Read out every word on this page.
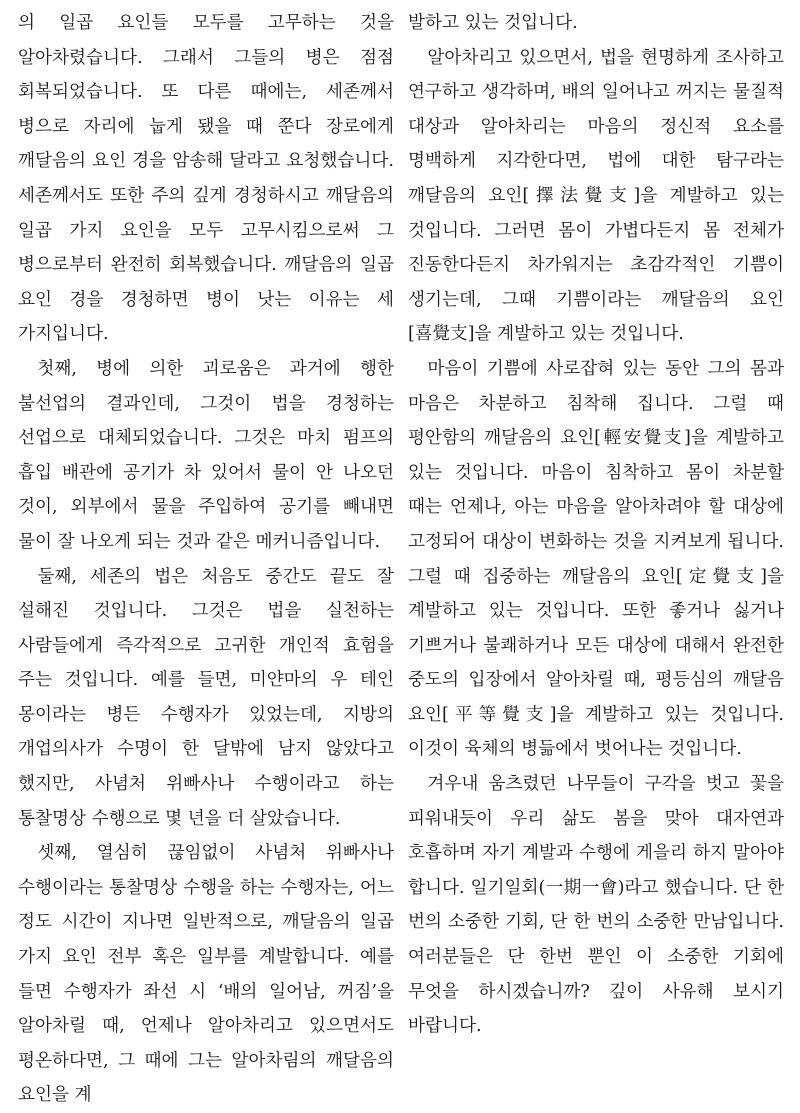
의 일곱 요인들 모두를 고무하는 것을 알아차렸습니다. 그래서 그들의 병은 점점 회복되었습니다. 또 다른 때에는, 세존께서 병으로 자리에 눕게 됐을 때 쭌다 장로에게 깨달음의 요인 경을 암송해 달라고 요청했습니다. 세존께서도 또한 주의 깊게 경청하시고 깨달음의 일곱 가지 요인을 모두 고무시킴으로써 그 병으로부터 완전히 회복했습니다. 깨달음의 일곱 요인 경을 경청하면 병이 낫는 이유는 세 가지입니다.

첫째, 병에 의한 괴로움은 과거에 행한 불선업의 결과인데, 그것이 법을 경청하는 선업으로 대체되었습니다. 그것은 마치 펌프의 흡입 배관에 공기가 차 있어서 물이 안 나오던 것이, 외부에서 물을 주입하여 공기를 빼내면 물이 잘 나오게 되는 것과 같은 메커니즘입니다.

둘째, 세존의 법은 처음도 중간도 끝도 잘 설해진 것입니다. 그것은 법을 실천하는 사람들에게 즉각적으로 고귀한 개인적 효험을 주는 것입니다. 예를 들면, 미얀마의 우 테인 몽이라는 병든 수행자가 있었는데, 지방의 개업의사가 수명이 한 달밖에 남지 않았다고 했지만, 사념처 위빠사나 수행이라고 하는 통찰명상 수행으로 몇 년을 더 살았습니다.

셋째, 열심히 끊임없이 사념처 위빠사나 수행이라는 통찰명상 수행을 하는 수행자는, 어느 정도 시간이 지나면 일반적으로, 깨달음의 일곱 가지 요인 전부 혹은 일부를 계발합니다. 예를 들면 수행자가 좌선 시 ‘배의 일어남, 꺼짐’을 알아차릴 때, 언제나 알아차리고 있으면서도 평온하다면, 그 때에 그는 알아차림의 깨달음의 요인을 계

발하고 있는 것입니다.

알아차리고 있으면서, 법을 현명하게 조사하고 연구하고 생각하며, 배의 일어나고 꺼지는 물질적 대상과 알아차리는 마음의 정신적 요소를 명백하게 지각한다면, 법에 대한 탐구라는 깨달음의 요인[擇法覺支]을 계발하고 있는 것입니다. 그러면 몸이 가볍다든지 몸 전체가 진동한다든지 차가워지는 초감각적인 기쁨이 생기는데, 그때 기쁨이라는 깨달음의 요인[喜覺支]을 계발하고 있는 것입니다.

마음이 기쁨에 사로잡혀 있는 동안 그의 몸과 마음은 차분하고 침착해 집니다. 그럴 때 평안함의 깨달음의 요인[輕安覺支]을 계발하고 있는 것입니다. 마음이 침착하고 몸이 차분할 때는 언제나, 아는 마음을 알아차려야 할 대상에 고정되어 대상이 변화하는 것을 지켜보게 됩니다. 그럴 때 집중하는 깨달음의 요인[定覺支]을 계발하고 있는 것입니다. 또한 좋거나 싫거나 기쁘거나 불쾌하거나 모든 대상에 대해서 완전한 중도의 입장에서 알아차릴 때, 평등심의 깨달음 요인[平等覺支]을 계발하고 있는 것입니다. 이것이 육체의 병듦에서 벗어나는 것입니다.

겨우내 움츠렸던 나무들이 구각을 벗고 꽃을 피워내듯이 우리 삶도 봄을 맞아 대자연과 호흡하며 자기 계발과 수행에 게을리 하지 말아야 합니다. 일기일회(一期一會)라고 했습니다. 단 한 번의 소중한 기회, 단 한 번의 소중한 만남입니다. 여러분들은 단 한번 뿐인 이 소중한 기회에 무엇을 하시겠습니까? 깊이 사유해 보시기 바랍니다.
